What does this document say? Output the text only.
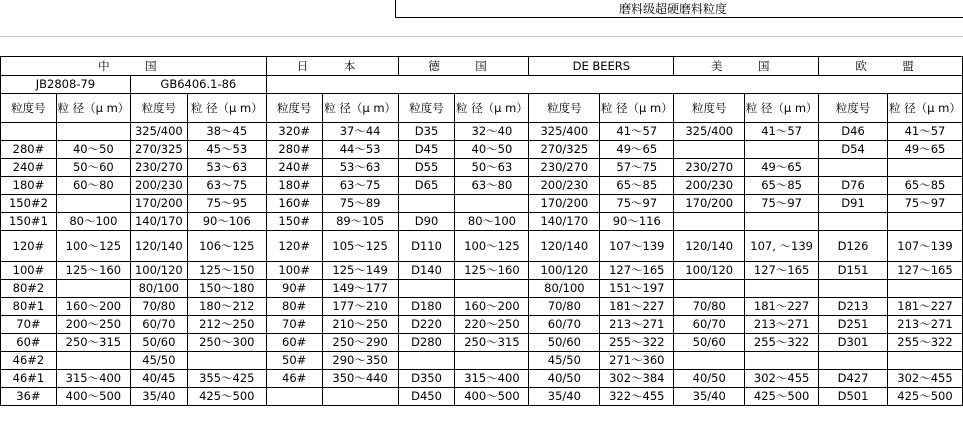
磨料级超硬磨料粒度
中　国				日　本		德　国		DE BEERS		美　国		欧　盟	
JB2808-79		GB6406.1-86											
粒度号	粒 径（μ m）	粒度号	粒 径（μ m）	粒度号	粒 径（μ m）	粒度号	粒 径（μ m）	粒度号	粒 径（μ m）	粒度号	粒 径（μ m）	粒度号	粒 径（μ m）
		325/400	38～45	320#	37～44	D35	32～40	325/400	41～57	325/400	41～57	D46	41～57
280#	40～50	270/325	45～53	280#	44～53	D45	40～50	270/325	49～65			D54	49～65
240#	50～60	230/270	53～63	240#	53～63	D55	50～63	230/270	57～75	230/270	49～65		
180#	60～80	200/230	63～75	180#	63～75	D65	63～80	200/230	65～85	200/230	65～85	D76	65～85
150#2		170/200	75～95	160#	75～89			170/200	75～97	170/200	75～97	D91	75～97
150#1	80～100	140/170	90～106	150#	89～105	D90	80～100	140/170	90～116				
120#	100～125	120/140	106～125	120#	105～125	D110	100～125	120/140	107～139	120/140	107, ～139	D126	107～139
100#	125～160	100/120	125～150	100#	125～149	D140	125～160	100/120	127～165	100/120	127～165	D151	127～165
80#2		80/100	150～180	90#	149～177			80/100	151～197				
80#1	160～200	70/80	180～212	80#	177～210	D180	160～200	70/80	181～227	70/80	181～227	D213	181～227
70#	200～250	60/70	212～250	70#	210～250	D220	220～250	60/70	213～271	60/70	213～271	D251	213～271
60#	250～315	50/60	250～300	60#	250～290	D280	250～315	50/60	255～322	50/60	255～322	D301	255～322
46#2		45/50		50#	290～350			45/50	271～360				
46#1	315～400	40/45	355～425	46#	350～440	D350	315～400	40/50	302～384	40/50	302～455	D427	302～455
36#	400～500	35/40	425～500			D450	400～500	35/40	322～455	35/40	425～500	D501	425～500
